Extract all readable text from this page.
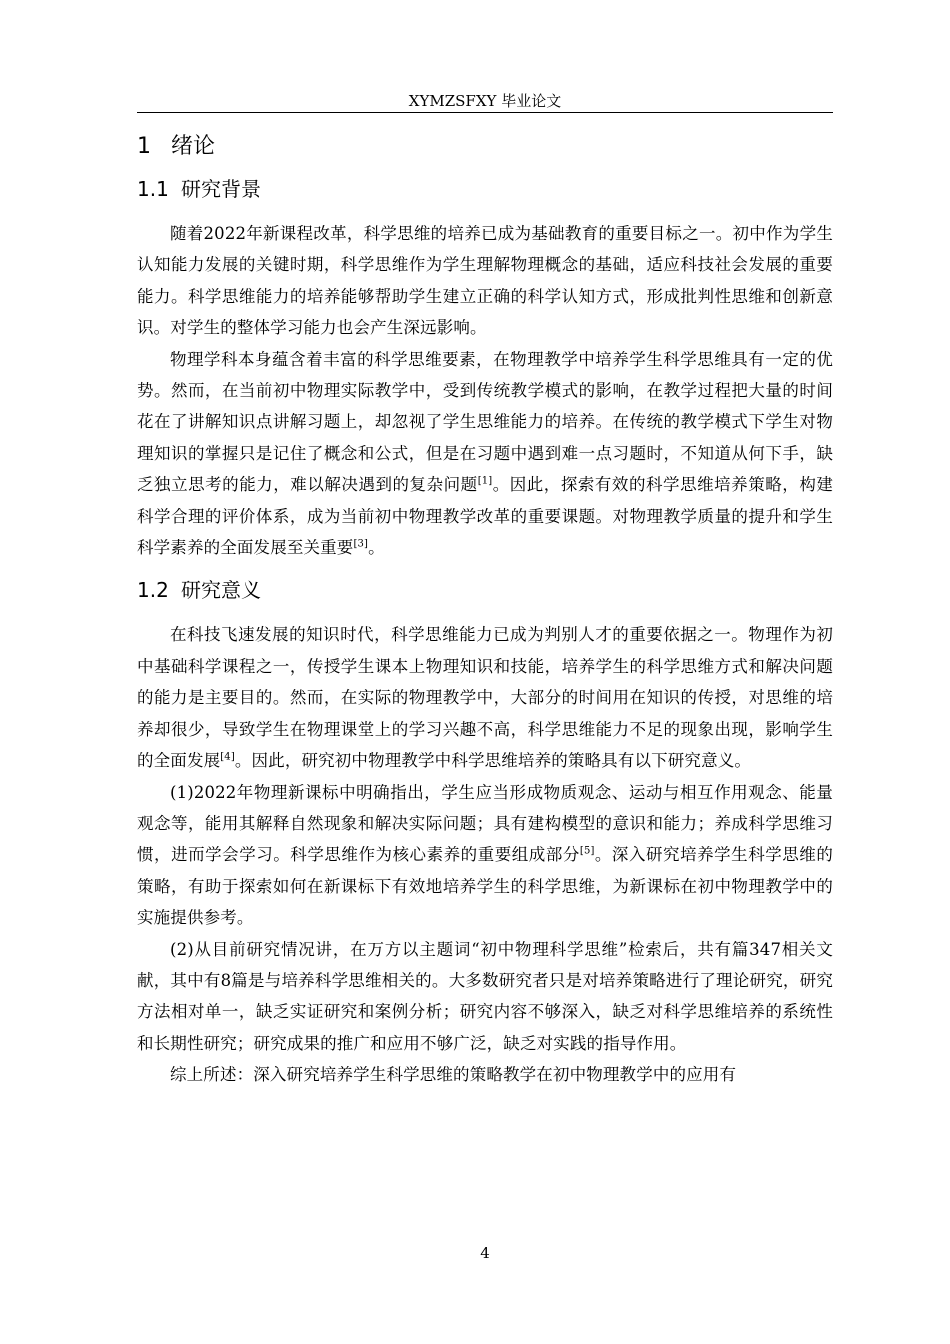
XYMZSFXY 毕业论文
1 绪论
1.1 研究背景

随着2022年新课程改革，科学思维的培养已成为基础教育的重要目标之一。初中作为学生认知能力发展的关键时期，科学思维作为学生理解物理概念的基础，适应科技社会发展的重要能力。科学思维能力的培养能够帮助学生建立正确的科学认知方式，形成批判性思维和创新意识。对学生的整体学习能力也会产生深远影响。

物理学科本身蕴含着丰富的科学思维要素，在物理教学中培养学生科学思维具有一定的优势。然而，在当前初中物理实际教学中，受到传统教学模式的影响，在教学过程把大量的时间花在了讲解知识点讲解习题上，却忽视了学生思维能力的培养。在传统的教学模式下学生对物理知识的掌握只是记住了概念和公式，但是在习题中遇到难一点习题时，不知道从何下手，缺乏独立思考的能力，难以解决遇到的复杂问题[1]。因此，探索有效的科学思维培养策略，构建科学合理的评价体系，成为当前初中物理教学改革的重要课题。对物理教学质量的提升和学生科学素养的全面发展至关重要[3]。

1.2 研究意义

在科技飞速发展的知识时代，科学思维能力已成为判别人才的重要依据之一。物理作为初中基础科学课程之一，传授学生课本上物理知识和技能，培养学生的科学思维方式和解决问题的能力是主要目的。然而，在实际的物理教学中，大部分的时间用在知识的传授，对思维的培养却很少，导致学生在物理课堂上的学习兴趣不高，科学思维能力不足的现象出现，影响学生的全面发展[4]。因此，研究初中物理教学中科学思维培养的策略具有以下研究意义。

(1)2022年物理新课标中明确指出，学生应当形成物质观念、运动与相互作用观念、能量观念等，能用其解释自然现象和解决实际问题；具有建构模型的意识和能力；养成科学思维习惯，进而学会学习。科学思维作为核心素养的重要组成部分[5]。深入研究培养学生科学思维的策略，有助于探索如何在新课标下有效地培养学生的科学思维，为新课标在初中物理教学中的实施提供参考。

(2)从目前研究情况讲，在万方以主题词“初中物理科学思维”检索后，共有篇347相关文献，其中有8篇是与培养科学思维相关的。大多数研究者只是对培养策略进行了理论研究，研究方法相对单一，缺乏实证研究和案例分析；研究内容不够深入，缺乏对科学思维培养的系统性和长期性研究；研究成果的推广和应用不够广泛，缺乏对实践的指导作用。

综上所述：深入研究培养学生科学思维的策略教学在初中物理教学中的应用有

4
